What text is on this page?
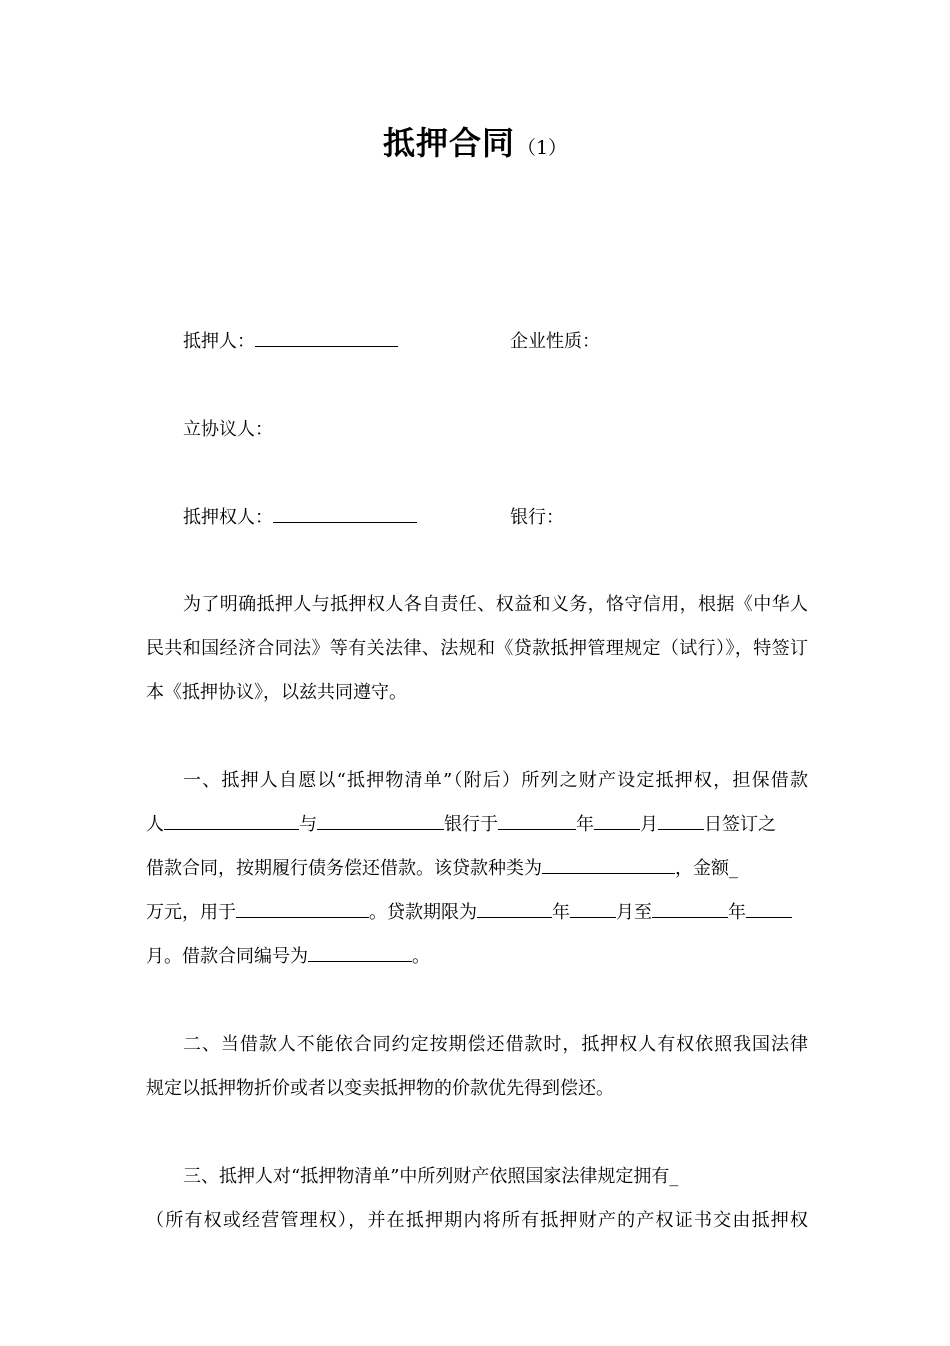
抵押合同 （1）
抵押人：	企业性质：
立协议人：
抵押权人：	银行：
为了明确抵押人与抵押权人各自责任、权益和义务，恪守信用，根据《中华人
民共和国经济合同法》等有关法律、法规和《贷款抵押管理规定（试行）》，特签订
本《抵押协议》，以兹共同遵守。
一、抵押人自愿以“抵押物清单”（附后）所列之财产设定抵押权，担保借款
人	与	银行于	年	月	日签订之
借款合同，按期履行债务偿还借款。该贷款种类为	，金额_
万元，用于	。贷款期限为	年	月至	年
月。借款合同编号为	。
二、当借款人不能依合同约定按期偿还借款时，抵押权人有权依照我国法律
规定以抵押物折价或者以变卖抵押物的价款优先得到偿还。
三、抵押人对“抵押物清单”中所列财产依照国家法律规定拥有_
（所有权或经营管理权），并在抵押期内将所有抵押财产的产权证书交由抵押权
